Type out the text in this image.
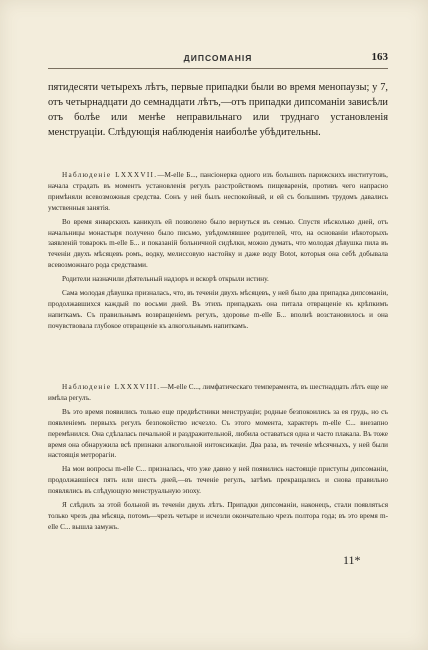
ДИПСОМАНІЯ	163

пятидесяти четырехъ лѣтъ, первые припадки были во время менопаузы; у 7, отъ четырнадцати до семнадцати лѣтъ,—отъ припадки дипсоманіи зависѣли отъ болѣе или менѣе неправильнаго или труднаго установленія менструаціи. Слѣдующія наблюденія наиболѣе убѣдительны.

Наблюденіе LXXXVII.—M-elle Б..., пансіонерка одного изъ большихъ парижскихъ институтовъ, начала страдать въ моментъ установленія регулъ разстройствомъ пищеваренія, противъ чего напрасно примѣняли всевозможныя средства. Сонъ у ней былъ неспокойный, и ей съ большимъ трудомъ давались умственныя занятія.

Во время январскихъ каникулъ ей позволено было вернуться въ семью. Спустя нѣсколько дней, отъ начальницы монастыря получено было письмо, увѣдомлявшее родителей, что, на основаніи нѣкоторыхъ заявленій товарокъ m-elle Б... и показаній больничной сидѣлки, можно думать, что молодая дѣвушка пила въ теченіи двухъ мѣсяцевъ ромъ, водку, мелиссовую настойку и даже воду Botot, которыя она себѣ добывала всевозможнаго рода средствами.

Родители назначили дѣятельный надзоръ и вскорѣ открыли истину.

Сама молодая дѣвушка призналась, что, въ теченіи двухъ мѣсяцевъ, у ней было два припадка дипсоманіи, продолжавшихся каждый по восьми дней. Въ этихъ припадкахъ она питала отвращеніе къ крѣпкимъ напиткамъ. Съ правильнымъ возвращеніемъ регулъ, здоровье m-elle Б... вполнѣ возстановилось и она почувствовала глубокое отвращеніе къ алкогольнымъ напиткамъ.

Наблюденіе LXXXVIII.—M-elle С..., лимфатическаго темперамента, въ шестнадцать лѣтъ еще не имѣла регулъ.

Въ это время появились только еще предвѣстники менструаціи; родные безпокоились за ея грудь, но съ появленіемъ первыхъ регулъ безпокойство исчезло. Съ этого момента, характеръ m-elle С... внезапно перемѣнился. Она сдѣлалась печальной и раздражительной, любила оставаться одна и часто плакала. Въ тоже время она обнаружила всѣ признаки алкогольной интоксикаціи. Два раза, въ теченіе мѣсячныхъ, у ней были настоящія метрорагіи.

На мои вопросы m-elle С... призналась, что уже давно у ней появились настоящіе приступы дипсоманіи, продолжавшіеся пять или шесть дней,—въ теченіе регулъ, затѣмъ прекращались и снова правильно появлялись въ слѣдующую менструальную эпоху.

Я слѣдилъ за этой больной въ теченіи двухъ лѣтъ. Припадки дипсоманіи, наконецъ, стали появляться только чрезъ два мѣсяца, потомъ—чрезъ четыре и исчезли окончательно чрезъ полтора года; въ это время m-elle С... вышла замужъ.

11*
